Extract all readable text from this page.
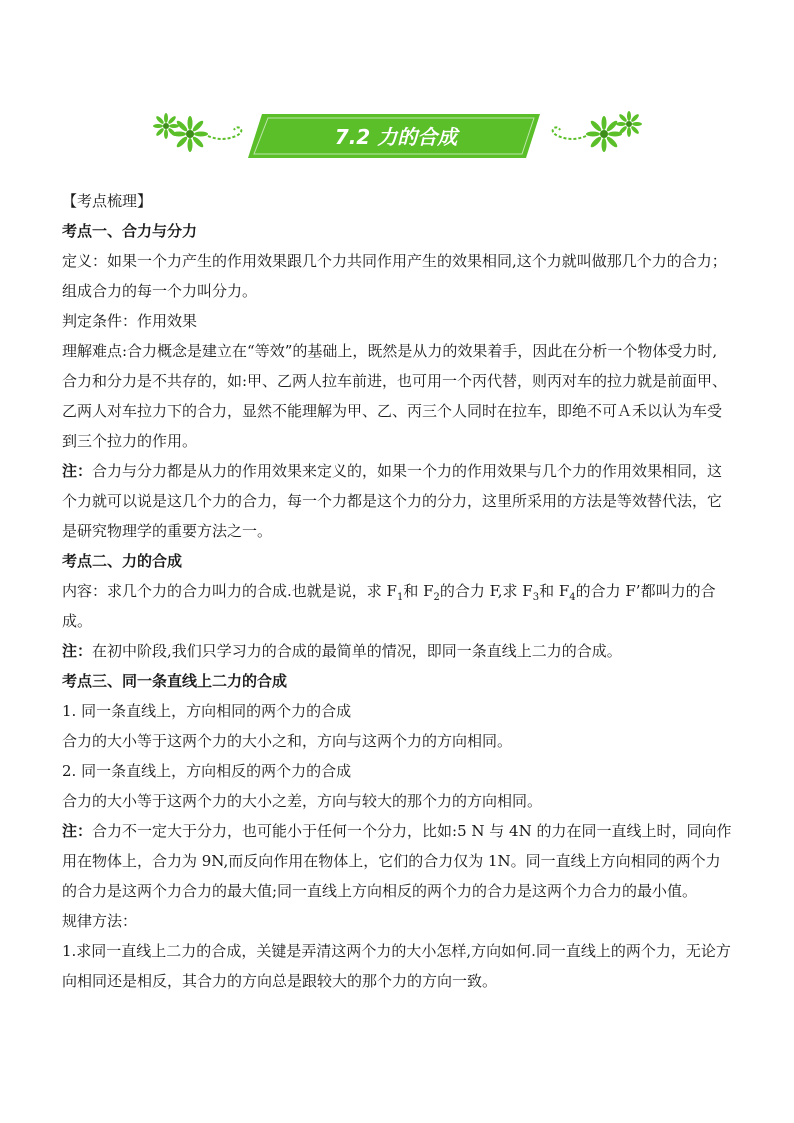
7.2 力的合成

【考点梳理】

考点一、合力与分力

定义：如果一个力产生的作用效果跟几个力共同作用产生的效果相同,这个力就叫做那几个力的合力；组成合力的每一个力叫分力。

判定条件：作用效果

理解难点:合力概念是建立在“等效”的基础上，既然是从力的效果着手，因此在分析一个物体受力时,合力和分力是不共存的，如:甲、乙两人拉车前进，也可用一个丙代替，则丙对车的拉力就是前面甲、乙两人对车拉力下的合力，显然不能理解为甲、乙、丙三个人同时在拉车，即绝不可Ａ禾以认为车受到三个拉力的作用。

注：合力与分力都是从力的作用效果来定义的，如果一个力的作用效果与几个力的作用效果相同，这个力就可以说是这几个力的合力，每一个力都是这个力的分力，这里所采用的方法是等效替代法，它是研究物理学的重要方法之一。

考点二、力的合成

内容：求几个力的合力叫力的合成.也就是说，求 $F_1$和 $F_2$的合力 F,求 $F_3$和 $F_4$的合力 F’都叫力的合成。

注：在初中阶段,我们只学习力的合成的最简单的情况，即同一条直线上二力的合成。

考点三、同一条直线上二力的合成

1. 同一条直线上，方向相同的两个力的合成

合力的大小等于这两个力的大小之和，方向与这两个力的方向相同。

2. 同一条直线上，方向相反的两个力的合成

合力的大小等于这两个力的大小之差，方向与较大的那个力的方向相同。

注：合力不一定大于分力，也可能小于任何一个分力，比如:5 N 与 4N 的力在同一直线上时，同向作用在物体上，合力为 9N,而反向作用在物体上，它们的合力仅为 1N。同一直线上方向相同的两个力的合力是这两个力合力的最大值;同一直线上方向相反的两个力的合力是这两个力合力的最小值。

规律方法：

1.求同一直线上二力的合成，关键是弄清这两个力的大小怎样,方向如何.同一直线上的两个力，无论方向相同还是相反，其合力的方向总是跟较大的那个力的方向一致。
